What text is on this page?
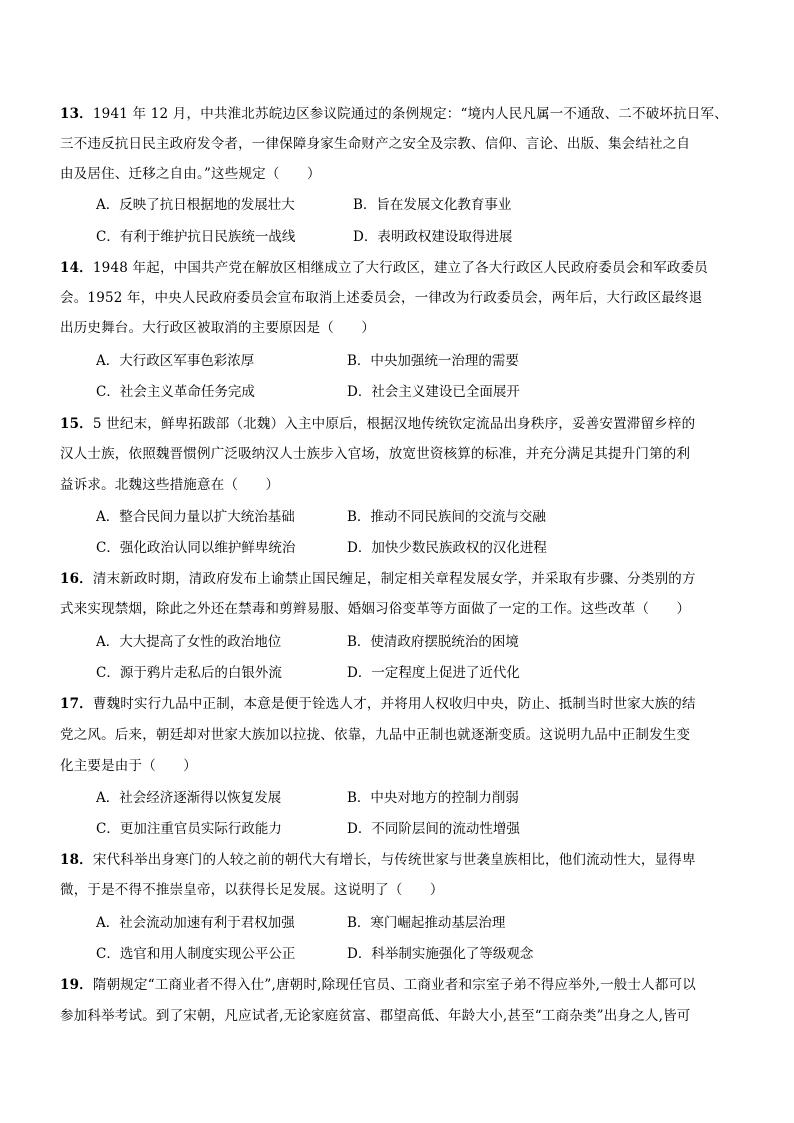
13．1941 年 12 月，中共淮北苏皖边区参议院通过的条例规定：“境内人民凡属一不通敌、二不破坏抗日军、
三不违反抗日民主政府发令者，一律保障身家生命财产之安全及宗教、信仰、言论、出版、集会结社之自
由及居住、迁移之自由。”这些规定（　　）
A．反映了抗日根据地的发展壮大	B．旨在发展文化教育事业
C．有利于维护抗日民族统一战线	D．表明政权建设取得进展
14．1948 年起，中国共产党在解放区相继成立了大行政区，建立了各大行政区人民政府委员会和军政委员
会。1952 年，中央人民政府委员会宣布取消上述委员会，一律改为行政委员会，两年后，大行政区最终退
出历史舞台。大行政区被取消的主要原因是（　　）
A．大行政区军事色彩浓厚	B．中央加强统一治理的需要
C．社会主义革命任务完成	D．社会主义建设已全面展开
15．5 世纪末，鲜卑拓跋部（北魏）入主中原后，根据汉地传统钦定流品出身秩序，妥善安置滞留乡梓的
汉人士族，依照魏晋惯例广泛吸纳汉人士族步入官场，放宽世资核算的标准，并充分满足其提升门第的利
益诉求。北魏这些措施意在（　　）
A．整合民间力量以扩大统治基础	B．推动不同民族间的交流与交融
C．强化政治认同以维护鲜卑统治	D．加快少数民族政权的汉化进程
16．清末新政时期，清政府发布上谕禁止国民缠足，制定相关章程发展女学，并采取有步骤、分类别的方
式来实现禁烟，除此之外还在禁毒和剪辫易服、婚姻习俗变革等方面做了一定的工作。这些改革（　　）
A．大大提高了女性的政治地位	B．使清政府摆脱统治的困境
C．源于鸦片走私后的白银外流	D．一定程度上促进了近代化
17．曹魏时实行九品中正制，本意是便于铨选人才，并将用人权收归中央，防止、抵制当时世家大族的结
党之风。后来，朝廷却对世家大族加以拉拢、依靠，九品中正制也就逐渐变质。这说明九品中正制发生变
化主要是由于（　　）
A．社会经济逐渐得以恢复发展	B．中央对地方的控制力削弱
C．更加注重官员实际行政能力	D．不同阶层间的流动性增强
18．宋代科举出身寒门的人较之前的朝代大有增长，与传统世家与世袭皇族相比，他们流动性大，显得卑
微，于是不得不推崇皇帝，以获得长足发展。这说明了（　　）
A．社会流动加速有利于君权加强	B．寒门崛起推动基层治理
C．选官和用人制度实现公平公正	D．科举制实施强化了等级观念
19．隋朝规定“工商业者不得入仕”,唐朝时,除现任官员、工商业者和宗室子弟不得应举外,一般士人都可以
参加科举考试。到了宋朝，凡应试者,无论家庭贫富、郡望高低、年龄大小,甚至“工商杂类”出身之人,皆可
